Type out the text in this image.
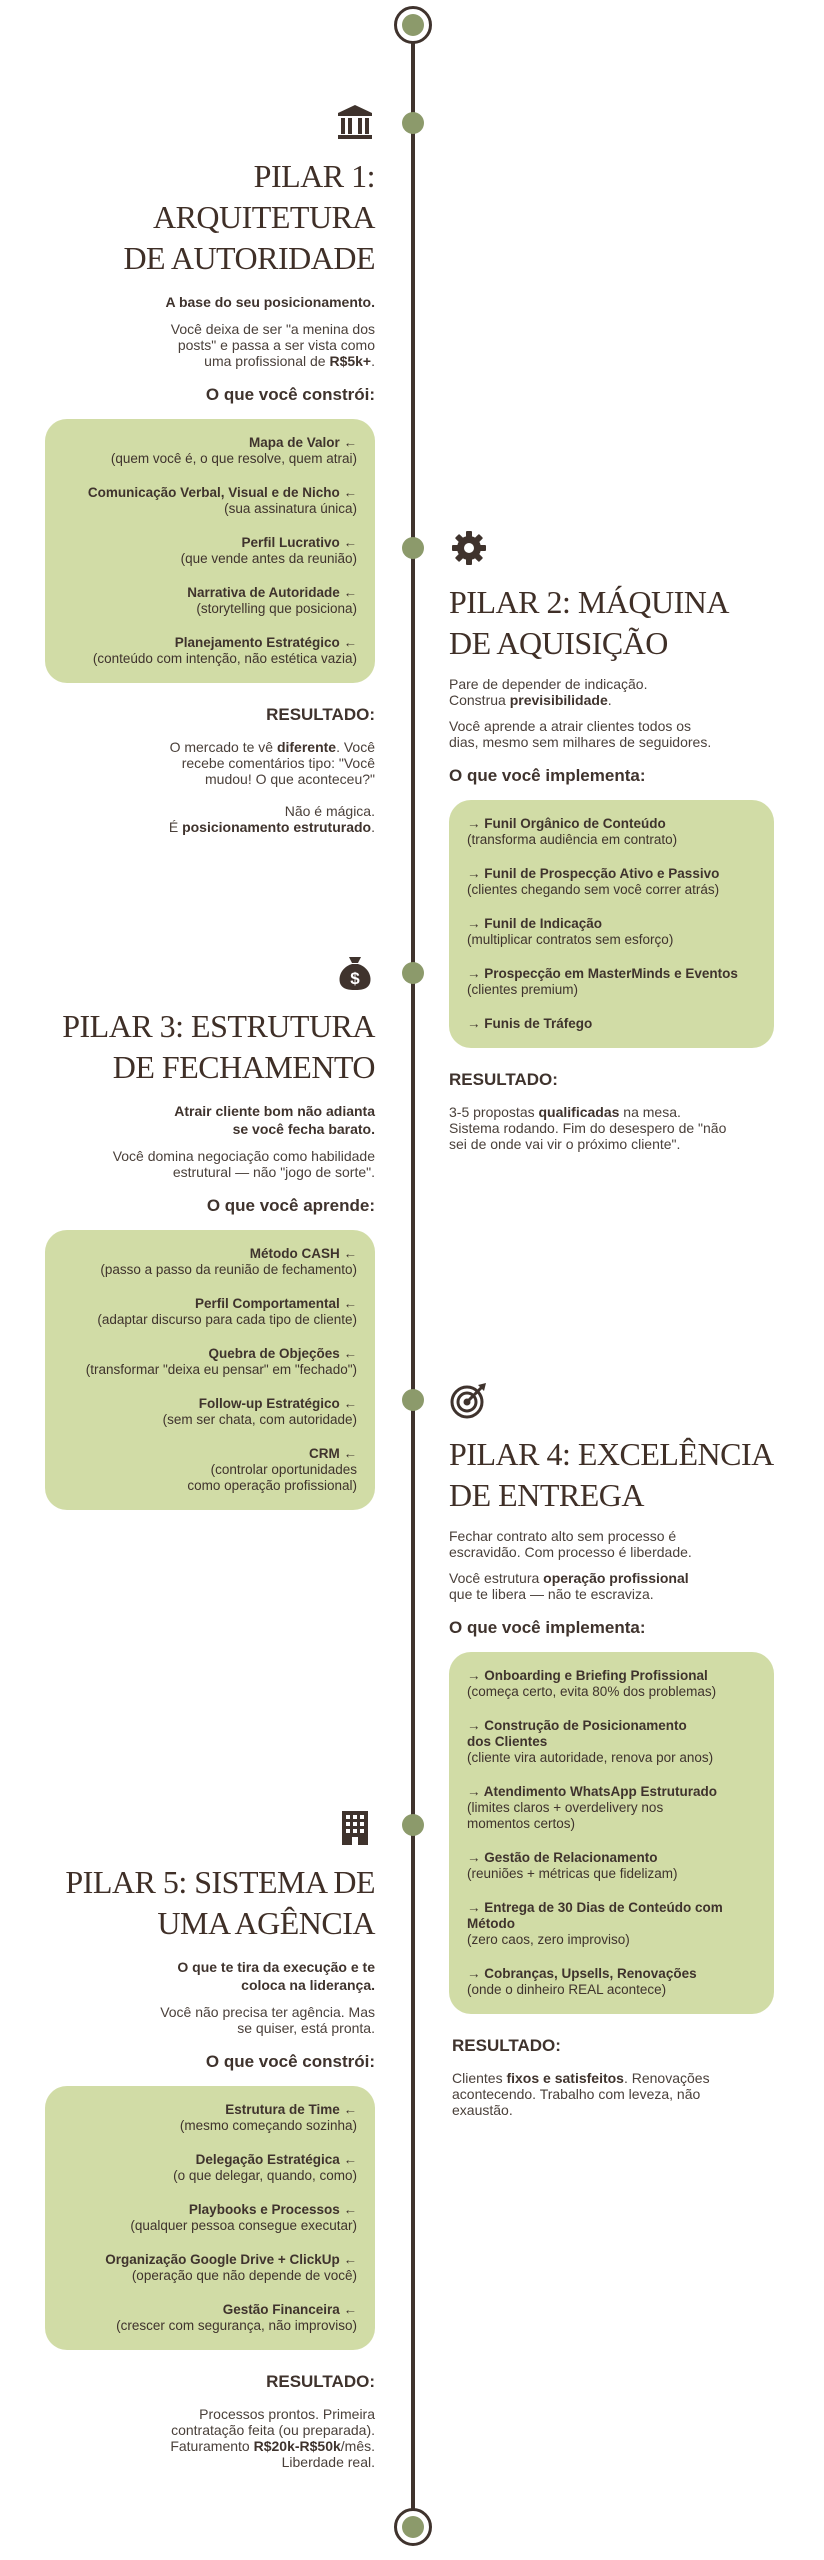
PILAR 1: ARQUITETURA
DE AUTORIDADE

A base do seu posicionamento.

Você deixa de ser "a menina dos posts" e passa a ser vista como uma profissional de R$5k+.

O que você constrói:
Mapa de Valor ←
(quem você é, o que resolve, quem atrai)
Comunicação Verbal, Visual e de Nicho ←
(sua assinatura única)
Perfil Lucrativo ←
(que vende antes da reunião)
Narrativa de Autoridade ←
(storytelling que posiciona)
Planejamento Estratégico ←
(conteúdo com intenção, não estética vazia)
RESULTADO:

O mercado te vê diferente. Você recebe comentários tipo: "Você mudou! O que aconteceu?"

Não é mágica.
É posicionamento estruturado.

PILAR 2: MÁQUINA
DE AQUISIÇÃO

Pare de depender de indicação.
Construa previsibilidade.

Você aprende a atrair clientes todos os dias, mesmo sem milhares de seguidores.

O que você implementa:
→ Funil Orgânico de Conteúdo
(transforma audiência em contrato)
→ Funil de Prospecção Ativo e Passivo
(clientes chegando sem você correr atrás)
→ Funil de Indicação
(multiplicar contratos sem esforço)
→ Prospecção em MasterMinds e Eventos
(clientes premium)
→ Funis de Tráfego
RESULTADO:

3-5 propostas qualificadas na mesa. Sistema rodando. Fim do desespero de "não sei de onde vai vir o próximo cliente".

$
PILAR 3: ESTRUTURA
DE FECHAMENTO

Atrair cliente bom não adianta se você fecha barato.

Você domina negociação como habilidade estrutural — não "jogo de sorte".

O que você aprende:
Método CASH ←
(passo a passo da reunião de fechamento)
Perfil Comportamental ←
(adaptar discurso para cada tipo de cliente)
Quebra de Objeções ←
(transformar "deixa eu pensar" em "fechado")
Follow-up Estratégico ←
(sem ser chata, com autoridade)
CRM ←
(controlar oportunidades como operação profissional)
PILAR 4: EXCELÊNCIA
DE ENTREGA

Fechar contrato alto sem processo é escravidão. Com processo é liberdade.

Você estrutura operação profissional que te libera — não te escraviza.

O que você implementa:
→ Onboarding e Briefing Profissional
(começa certo, evita 80% dos problemas)
→ Construção de Posicionamento dos Clientes
(cliente vira autoridade, renova por anos)
→ Atendimento WhatsApp Estruturado
(limites claros + overdelivery nos momentos certos)
→ Gestão de Relacionamento
(reuniões + métricas que fidelizam)
→ Entrega de 30 Dias de Conteúdo com Método
(zero caos, zero improviso)
→ Cobranças, Upsells, Renovações
(onde o dinheiro REAL acontece)
RESULTADO:

Clientes fixos e satisfeitos. Renovações acontecendo. Trabalho com leveza, não exaustão.

PILAR 5: SISTEMA DE
UMA AGÊNCIA

O que te tira da execução e te coloca na liderança.

Você não precisa ter agência. Mas se quiser, está pronta.

O que você constrói:
Estrutura de Time ←
(mesmo começando sozinha)
Delegação Estratégica ←
(o que delegar, quando, como)
Playbooks e Processos ←
(qualquer pessoa consegue executar)
Organização Google Drive + ClickUp ←
(operação que não depende de você)
Gestão Financeira ←
(crescer com segurança, não improviso)
RESULTADO:

Processos prontos. Primeira contratação feita (ou preparada). Faturamento R$20k-R$50k/mês. Liberdade real.
